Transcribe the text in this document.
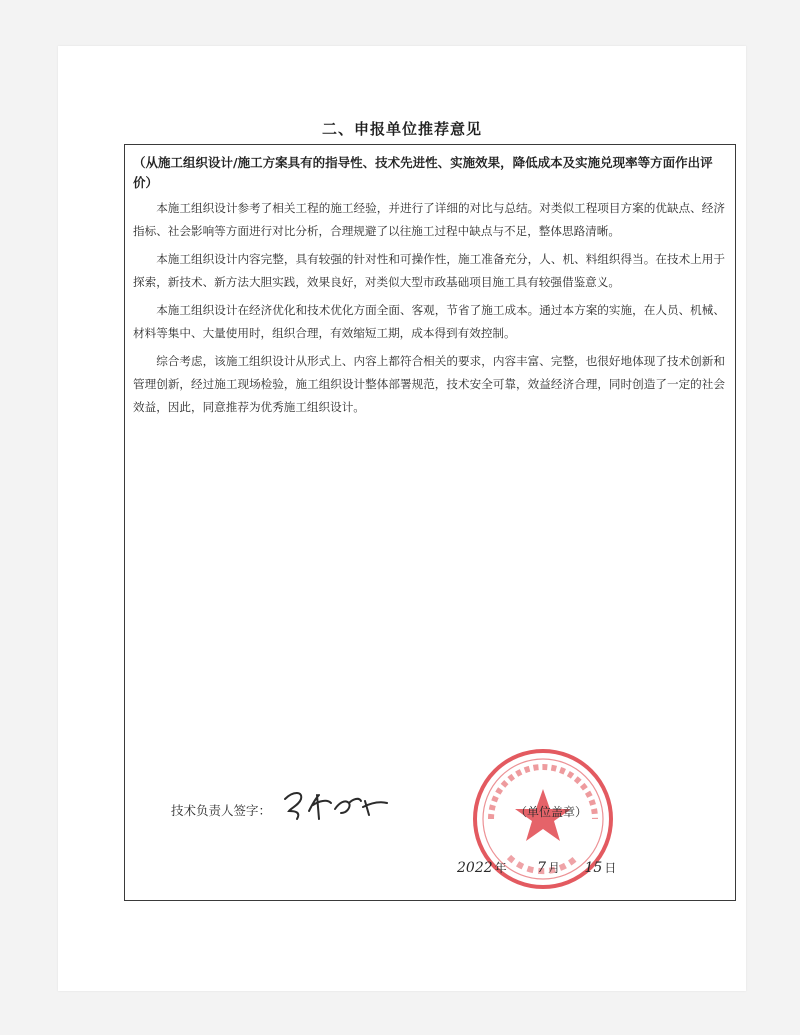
二、申报单位推荐意见
（从施工组织设计/施工方案具有的指导性、技术先进性、实施效果，降低成本及实施兑现率等方面作出评价）

本施工组织设计参考了相关工程的施工经验，并进行了详细的对比与总结。对类似工程项目方案的优缺点、经济指标、社会影响等方面进行对比分析，合理规避了以往施工过程中缺点与不足，整体思路清晰。

本施工组织设计内容完整，具有较强的针对性和可操作性，施工准备充分，人、机、料组织得当。在技术上用于探索，新技术、新方法大胆实践，效果良好，对类似大型市政基础项目施工具有较强借鉴意义。

本施工组织设计在经济优化和技术优化方面全面、客观，节省了施工成本。通过本方案的实施，在人员、机械、材料等集中、大量使用时，组织合理，有效缩短工期，成本得到有效控制。

综合考虑，该施工组织设计从形式上、内容上都符合相关的要求，内容丰富、完整，也很好地体现了技术创新和管理创新，经过施工现场检验，施工组织设计整体部署规范，技术安全可靠，效益经济合理，同时创造了一定的社会效益，因此，同意推荐为优秀施工组织设计。

技术负责人签字：	（单位盖章）
2022 年 7 月 15 日
